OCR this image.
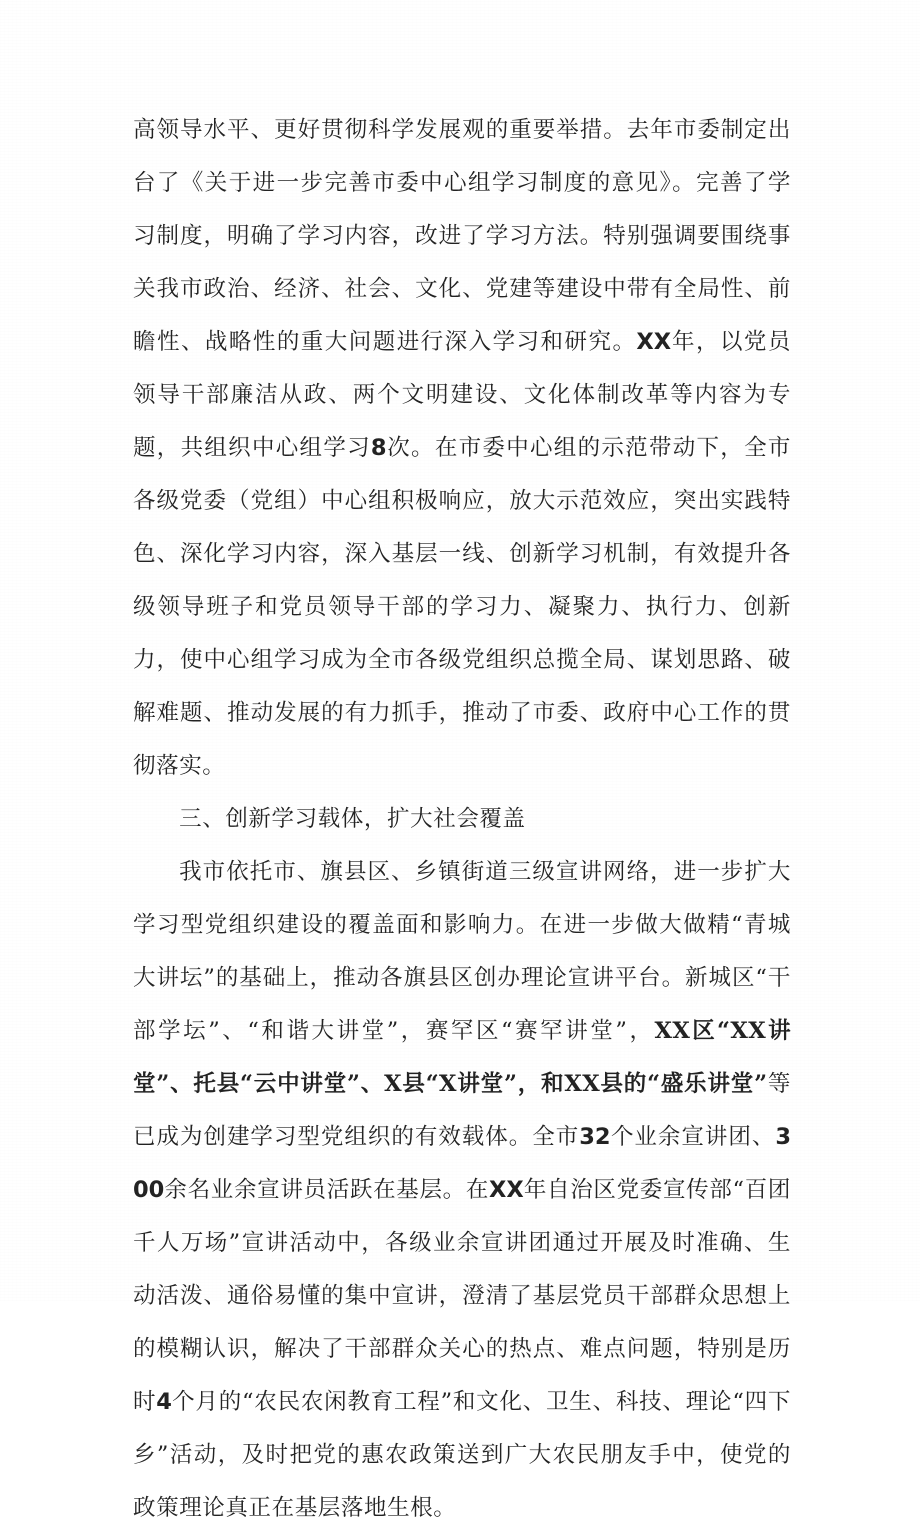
高领导水平、更好贯彻科学发展观的重要举措。去年市委制定出台了《关于进一步完善市委中心组学习制度的意见》。完善了学习制度，明确了学习内容，改进了学习方法。特别强调要围绕事关我市政治、经济、社会、文化、党建等建设中带有全局性、前瞻性、战略性的重大问题进行深入学习和研究。XX年，以党员领导干部廉洁从政、两个文明建设、文化体制改革等内容为专题，共组织中心组学习8次。在市委中心组的示范带动下，全市各级党委（党组）中心组积极响应，放大示范效应，突出实践特色、深化学习内容，深入基层一线、创新学习机制，有效提升各级领导班子和党员领导干部的学习力、凝聚力、执行力、创新力，使中心组学习成为全市各级党组织总揽全局、谋划思路、破解难题、推动发展的有力抓手，推动了市委、政府中心工作的贯彻落实。

三、创新学习载体，扩大社会覆盖

我市依托市、旗县区、乡镇街道三级宣讲网络，进一步扩大学习型党组织建设的覆盖面和影响力。在进一步做大做精“青城大讲坛”的基础上，推动各旗县区创办理论宣讲平台。新城区“干部学坛”、“和谐大讲堂”，赛罕区“赛罕讲堂”，XX区“XX讲堂”、托县“云中讲堂”、X县“X讲堂”，和XX县的“盛乐讲堂”等已成为创建学习型党组织的有效载体。全市32个业余宣讲团、300余名业余宣讲员活跃在基层。在XX年自治区党委宣传部“百团千人万场”宣讲活动中，各级业余宣讲团通过开展及时准确、生动活泼、通俗易懂的集中宣讲，澄清了基层党员干部群众思想上的模糊认识，解决了干部群众关心的热点、难点问题，特别是历时4个月的“农民农闲教育工程”和文化、卫生、科技、理论“四下乡”活动，及时把党的惠农政策送到广大农民朋友手中，使党的政策理论真正在基层落地生根。
